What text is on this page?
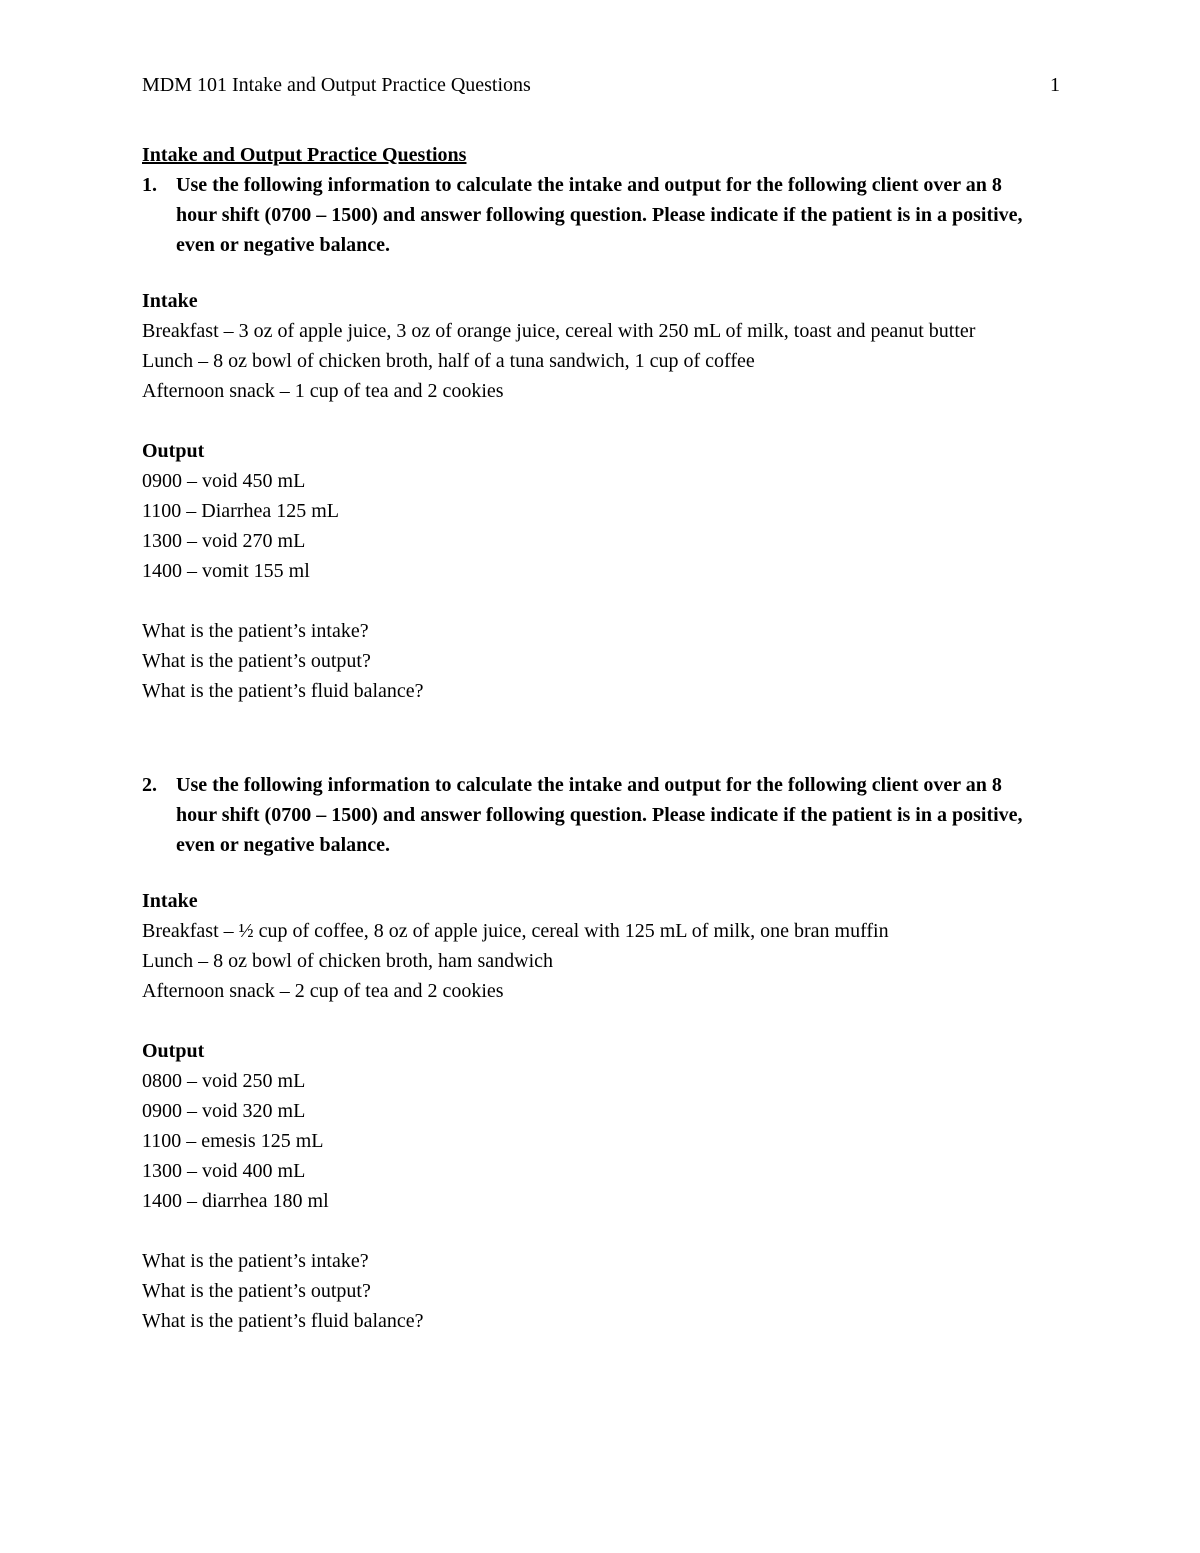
MDM 101 Intake and Output Practice Questions	1

Intake and Output Practice Questions

1. Use the following information to calculate the intake and output for the following client over an 8 hour shift (0700 – 1500) and answer following question. Please indicate if the patient is in a positive, even or negative balance.

Intake

Breakfast – 3 oz of apple juice, 3 oz of orange juice, cereal with 250 mL of milk, toast and peanut butter

Lunch – 8 oz bowl of chicken broth, half of a tuna sandwich, 1 cup of coffee

Afternoon snack – 1 cup of tea and 2 cookies

Output

0900 – void 450 mL

1100 – Diarrhea 125 mL

1300 – void 270 mL

1400 – vomit 155 ml

What is the patient’s intake?

What is the patient’s output?

What is the patient’s fluid balance?

2. Use the following information to calculate the intake and output for the following client over an 8 hour shift (0700 – 1500) and answer following question. Please indicate if the patient is in a positive, even or negative balance.

Intake

Breakfast – ½ cup of coffee, 8 oz of apple juice, cereal with 125 mL of milk, one bran muffin

Lunch – 8 oz bowl of chicken broth, ham sandwich

Afternoon snack – 2 cup of tea and 2 cookies

Output

0800 – void 250 mL

0900 – void 320 mL

1100 – emesis 125 mL

1300 – void 400 mL

1400 – diarrhea 180 ml

What is the patient’s intake?

What is the patient’s output?

What is the patient’s fluid balance?
